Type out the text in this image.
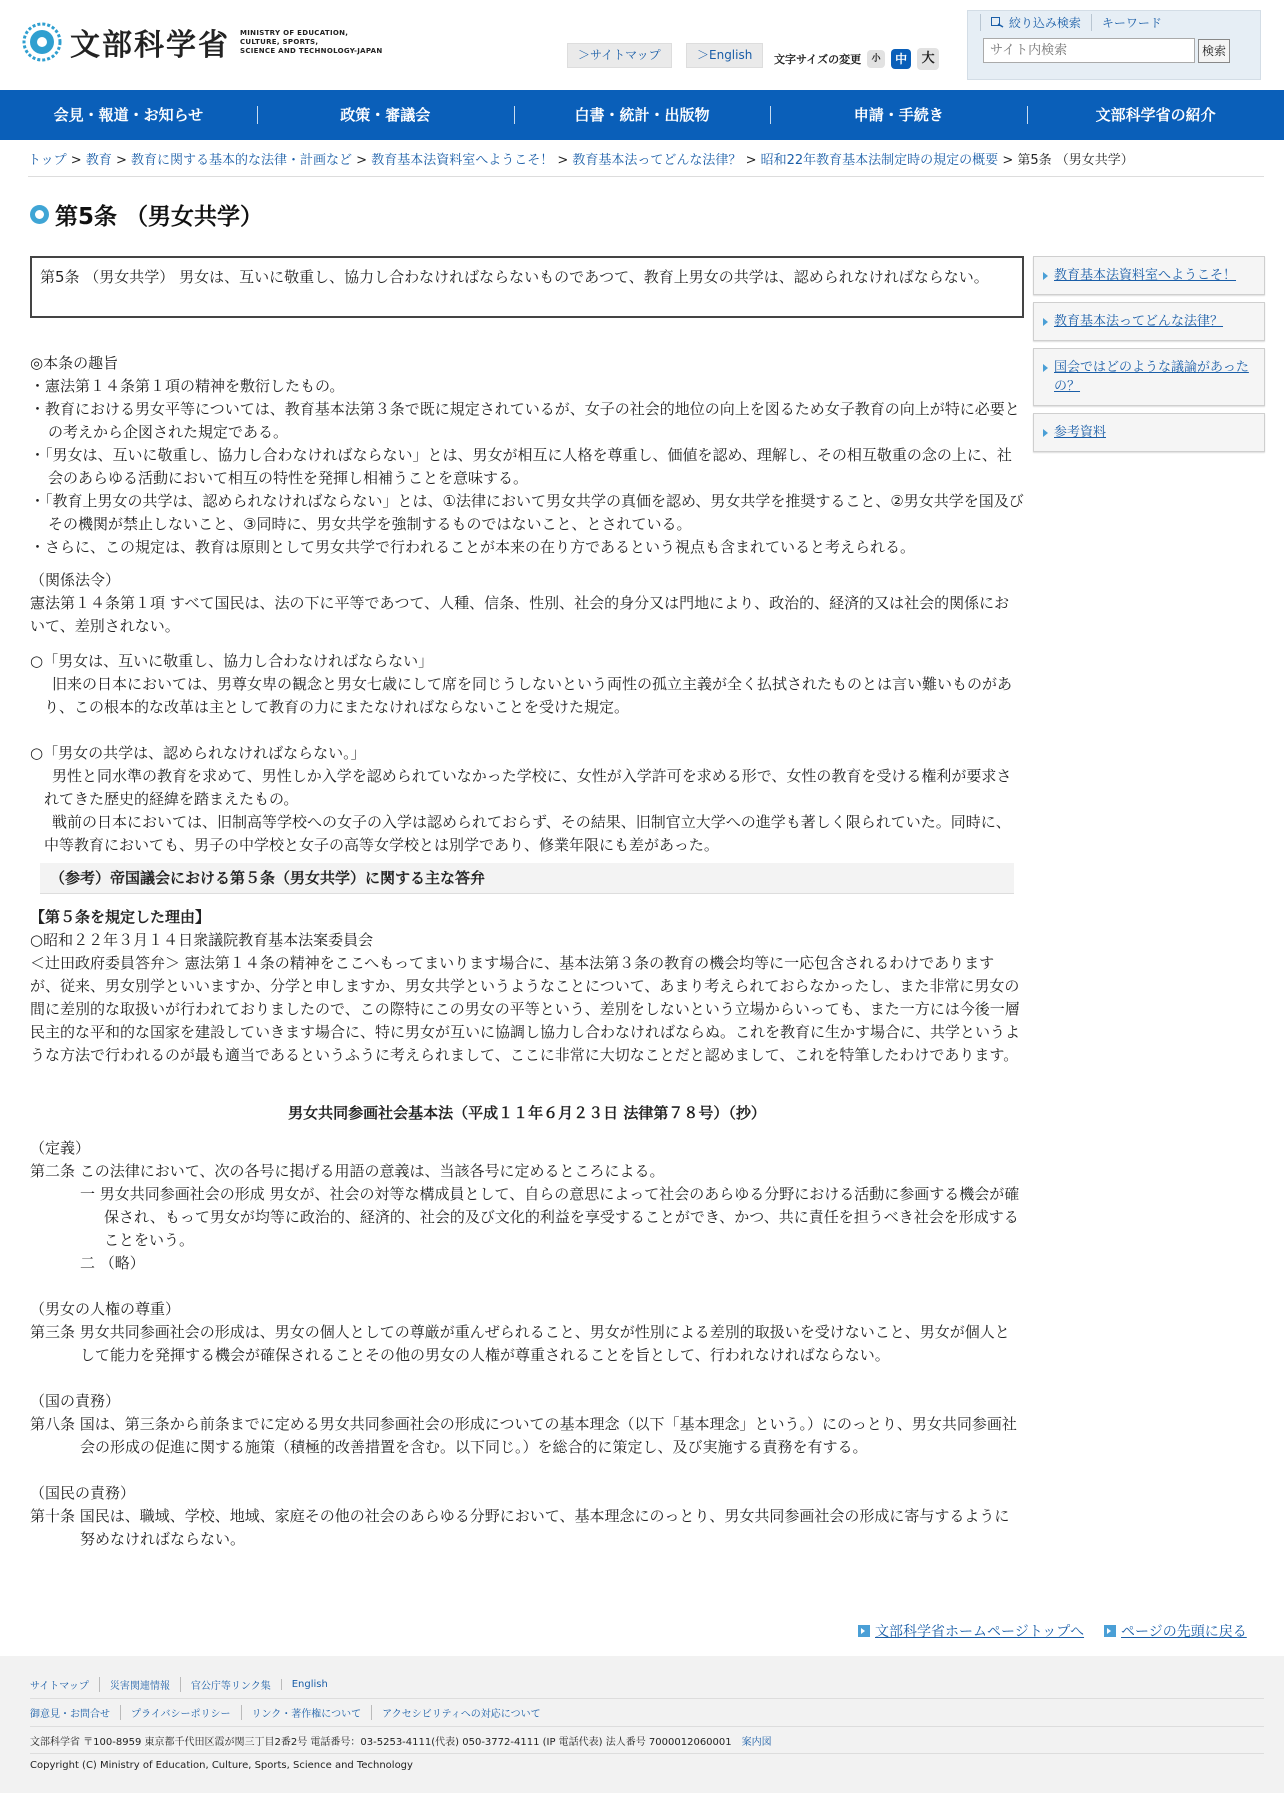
文部科学省 MINISTRY OF EDUCATION,
CULTURE, SPORTS,
SCIENCE AND TECHNOLOGY-JAPAN	＞サイトマップ	＞English	文字サイズの変更	小	中	大
絞り込み検索	キーワード
サイト内検索
検索
会見・報道・お知らせ	政策・審議会	白書・統計・出版物	申請・手続き	文部科学省の紹介
トップ > 教育 > 教育に関する基本的な法律・計画など > 教育基本法資料室へようこそ！ > 教育基本法ってどんな法律？ > 昭和22年教育基本法制定時の規定の概要 > 第5条 （男女共学）
第5条 （男女共学）
第5条 （男女共学） 男女は、互いに敬重し、協力し合わなければならないものであつて、教育上男女の共学は、認められなければならない。
◎本条の趣旨
・憲法第１４条第１項の精神を敷衍したもの。
・教育における男女平等については、教育基本法第３条で既に規定されているが、女子の社会的地位の向上を図るため女子教育の向上が特に必要との考えから企図された規定である。
・「男女は、互いに敬重し、協力し合わなければならない」とは、男女が相互に人格を尊重し、価値を認め、理解し、その相互敬重の念の上に、社会のあらゆる活動において相互の特性を発揮し相補うことを意味する。
・「教育上男女の共学は、認められなければならない」とは、①法律において男女共学の真価を認め、男女共学を推奨すること、②男女共学を国及びその機関が禁止しないこと、③同時に、男女共学を強制するものではないこと、とされている。
・さらに、この規定は、教育は原則として男女共学で行われることが本来の在り方であるという視点も含まれていると考えられる。
（関係法令）
憲法第１４条第１項 すべて国民は、法の下に平等であつて、人種、信条、性別、社会的身分又は門地により、政治的、経済的又は社会的関係において、差別されない。
○「男女は、互いに敬重し、協力し合わなければならない」
旧来の日本においては、男尊女卑の観念と男女七歳にして席を同じうしないという両性の孤立主義が全く払拭されたものとは言い難いものがあり、この根本的な改革は主として教育の力にまたなければならないことを受けた規定。
○「男女の共学は、認められなければならない。」
男性と同水準の教育を求めて、男性しか入学を認められていなかった学校に、女性が入学許可を求める形で、女性の教育を受ける権利が要求されてきた歴史的経緯を踏まえたもの。
戦前の日本においては、旧制高等学校への女子の入学は認められておらず、その結果、旧制官立大学への進学も著しく限られていた。同時に、中等教育においても、男子の中学校と女子の高等女学校とは別学であり、修業年限にも差があった。
（参考）帝国議会における第５条（男女共学）に関する主な答弁
【第５条を規定した理由】
○昭和２２年３月１４日衆議院教育基本法案委員会
＜辻田政府委員答弁＞ 憲法第１４条の精神をここへもってまいります場合に、基本法第３条の教育の機会均等に一応包含されるわけでありますが、従来、男女別学といいますか、分学と申しますか、男女共学というようなことについて、あまり考えられておらなかったし、また非常に男女の間に差別的な取扱いが行われておりましたので、この際特にこの男女の平等という、差別をしないという立場からいっても、また一方には今後一層民主的な平和的な国家を建設していきます場合に、特に男女が互いに協調し協力し合わなければならぬ。これを教育に生かす場合に、共学というような方法で行われるのが最も適当であるというふうに考えられまして、ここに非常に大切なことだと認めまして、これを特筆したわけであります。
男女共同参画社会基本法（平成１１年６月２３日 法律第７８号）（抄）
（定義）
第二条 この法律において、次の各号に掲げる用語の意義は、当該各号に定めるところによる。
一 男女共同参画社会の形成 男女が、社会の対等な構成員として、自らの意思によって社会のあらゆる分野における活動に参画する機会が確保され、もって男女が均等に政治的、経済的、社会的及び文化的利益を享受することができ、かつ、共に責任を担うべき社会を形成することをいう。
二 （略）
（男女の人権の尊重）
第三条 男女共同参画社会の形成は、男女の個人としての尊厳が重んぜられること、男女が性別による差別的取扱いを受けないこと、男女が個人として能力を発揮する機会が確保されることその他の男女の人権が尊重されることを旨として、行われなければならない。
（国の責務）
第八条 国は、第三条から前条までに定める男女共同参画社会の形成についての基本理念（以下「基本理念」という。）にのっとり、男女共同参画社会の形成の促進に関する施策（積極的改善措置を含む。以下同じ。）を総合的に策定し、及び実施する責務を有する。
（国民の責務）
第十条 国民は、職域、学校、地域、家庭その他の社会のあらゆる分野において、基本理念にのっとり、男女共同参画社会の形成に寄与するように努めなければならない。
教育基本法資料室へようこそ！
教育基本法ってどんな法律？
国会ではどのような議論があったの？
参考資料
文部科学省ホームページトップへ	ページの先頭に戻る
サイトマップ	災害関連情報	官公庁等リンク集	English
御意見・お問合せ	プライバシーポリシー	リンク・著作権について	アクセシビリティへの対応について
文部科学省 〒100-8959 東京都千代田区霞が関三丁目2番2号 電話番号：03-5253-4111(代表) 050-3772-4111 (IP 電話代表) 法人番号 7000012060001	案内図
Copyright (C) Ministry of Education, Culture, Sports, Science and Technology
